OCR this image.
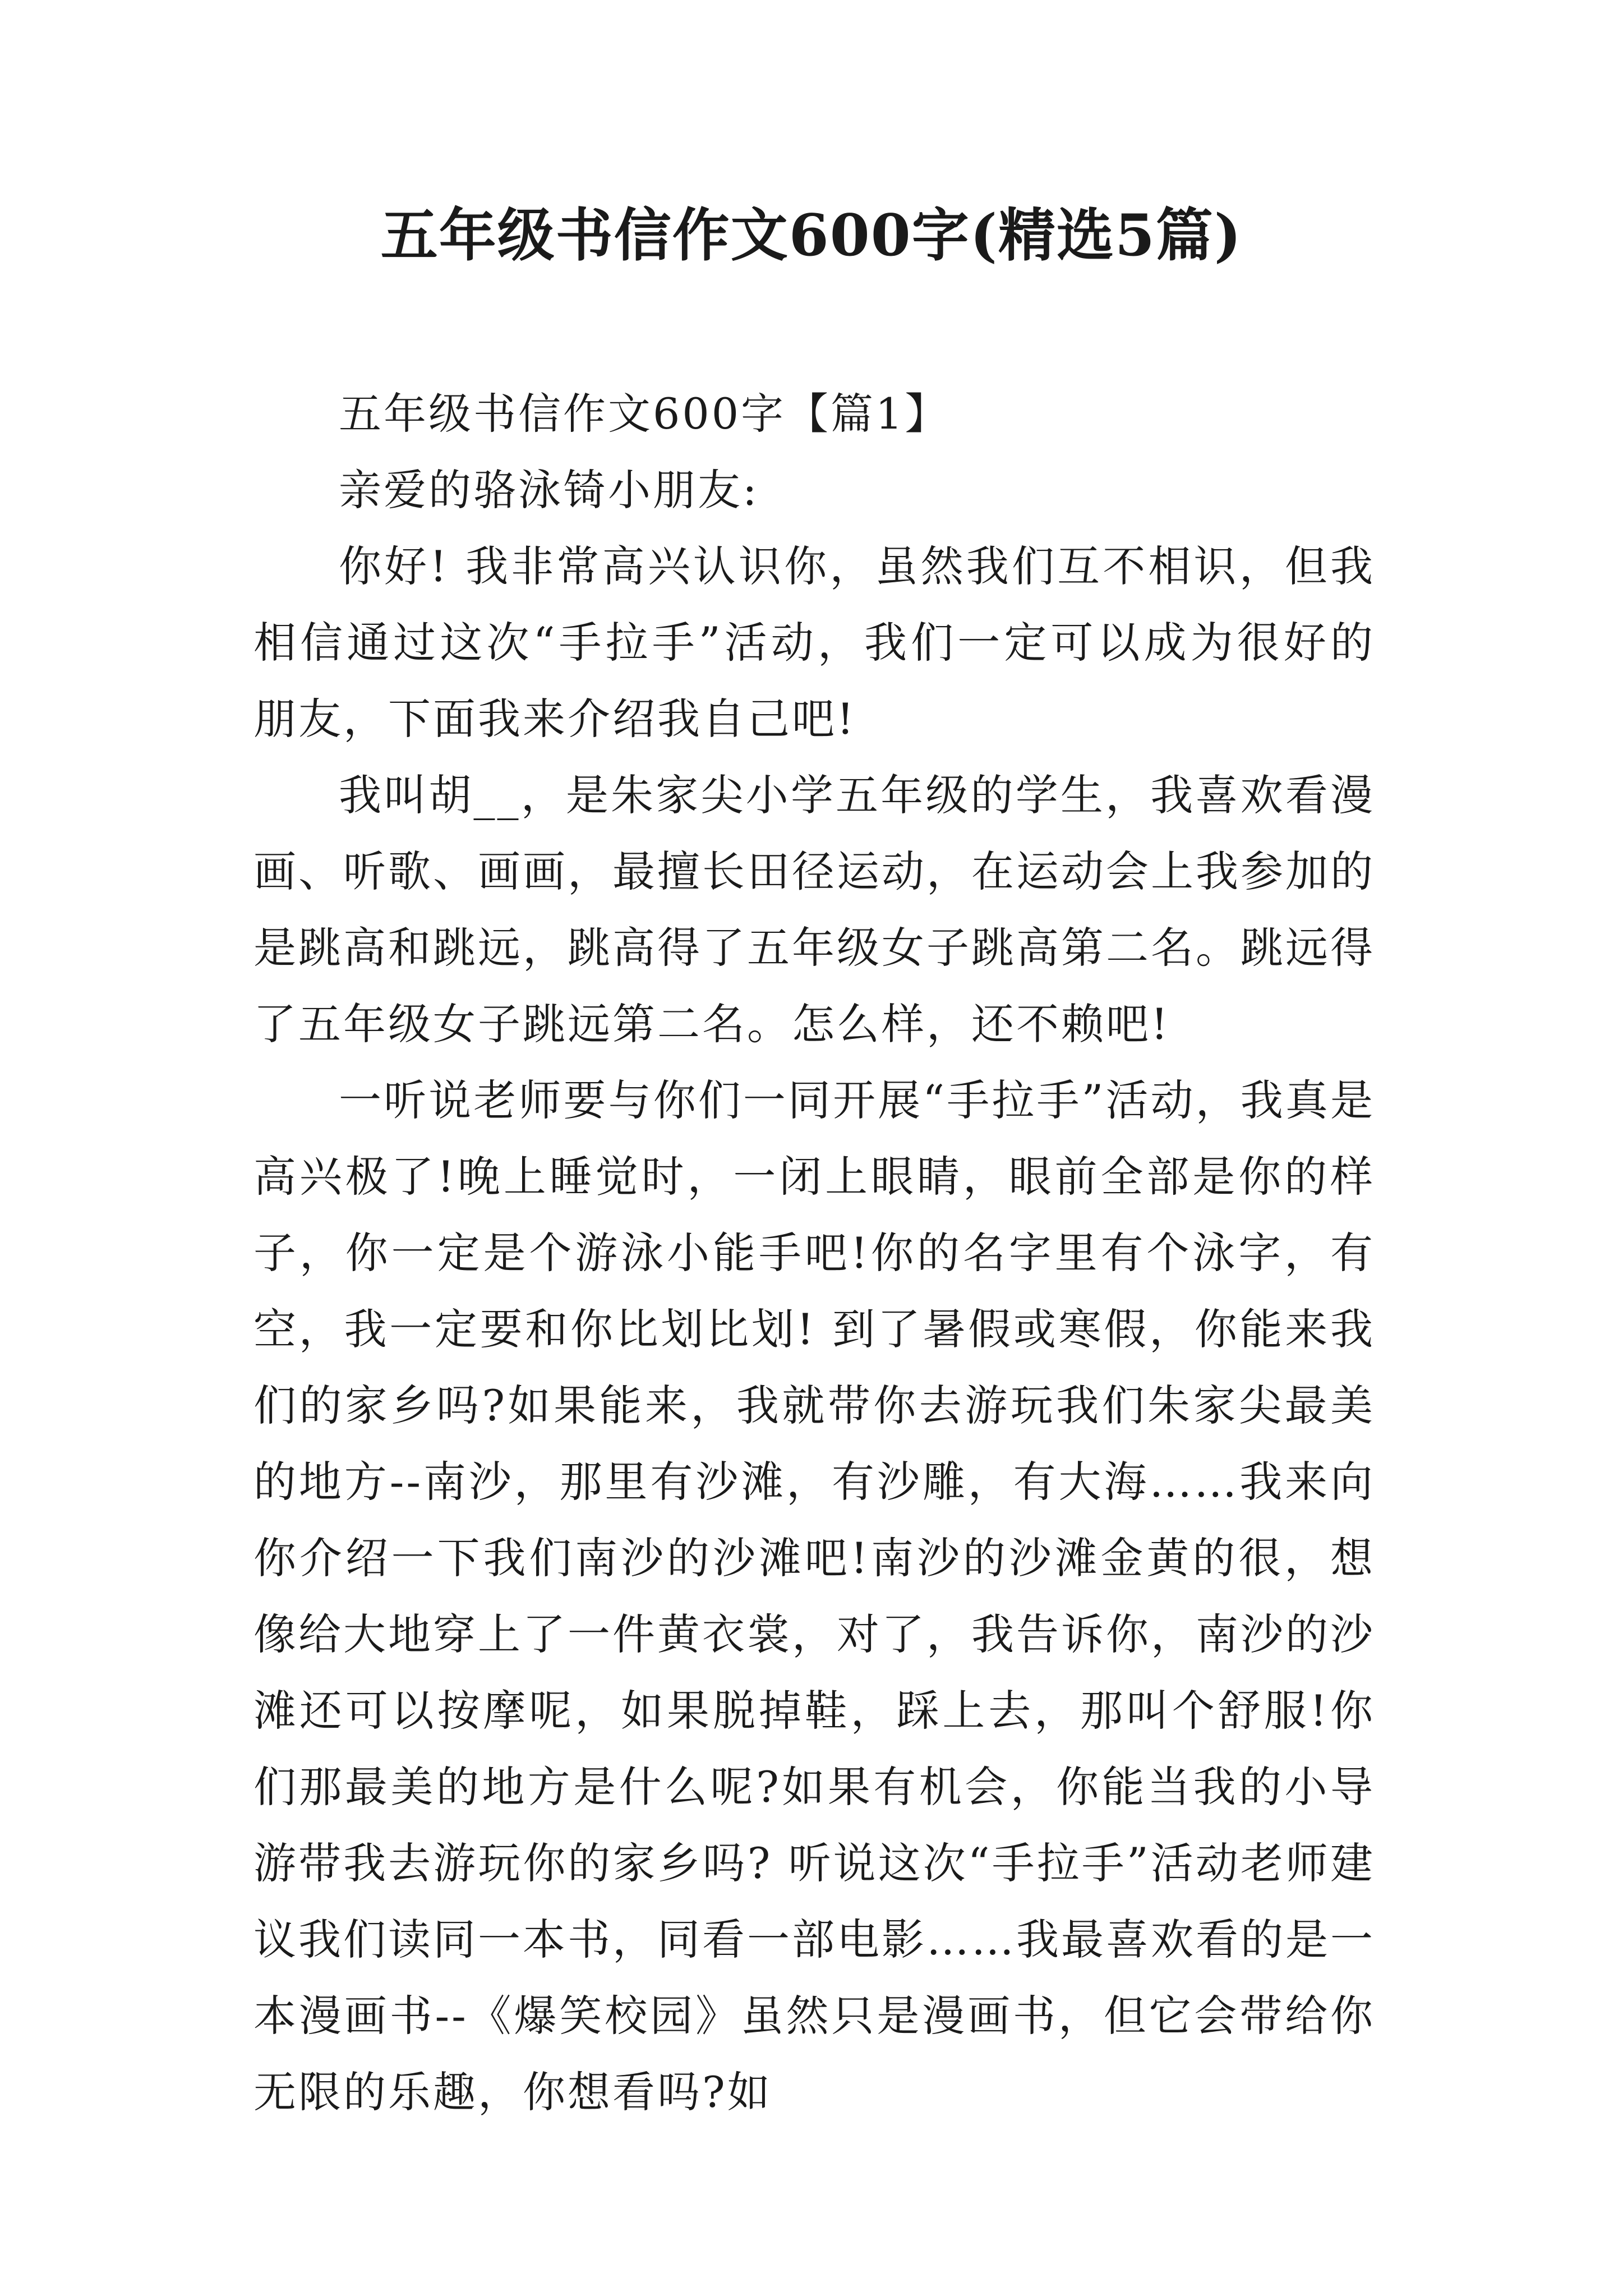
五年级书信作文600字(精选5篇)

五年级书信作文600字【篇1】

亲爱的骆泳锜小朋友:

你好! 我非常高兴认识你，虽然我们互不相识，但我相信通过这次“手拉手”活动，我们一定可以成为很好的朋友，下面我来介绍我自己吧!

我叫胡__，是朱家尖小学五年级的学生，我喜欢看漫画、听歌、画画，最擅长田径运动，在运动会上我参加的是跳高和跳远，跳高得了五年级女子跳高第二名。跳远得了五年级女子跳远第二名。怎么样，还不赖吧!

一听说老师要与你们一同开展“手拉手”活动，我真是高兴极了!晚上睡觉时，一闭上眼睛，眼前全部是你的样子，你一定是个游泳小能手吧!你的名字里有个泳字，有空，我一定要和你比划比划! 到了暑假或寒假，你能来我们的家乡吗?如果能来，我就带你去游玩我们朱家尖最美的地方--南沙，那里有沙滩，有沙雕，有大海……我来向你介绍一下我们南沙的沙滩吧!南沙的沙滩金黄的很，想像给大地穿上了一件黄衣裳，对了，我告诉你，南沙的沙滩还可以按摩呢，如果脱掉鞋，踩上去，那叫个舒服!你们那最美的地方是什么呢?如果有机会，你能当我的小导游带我去游玩你的家乡吗? 听说这次“手拉手”活动老师建议我们读同一本书，同看一部电影……我最喜欢看的是一本漫画书--《爆笑校园》虽然只是漫画书，但它会带给你无限的乐趣，你想看吗?如
